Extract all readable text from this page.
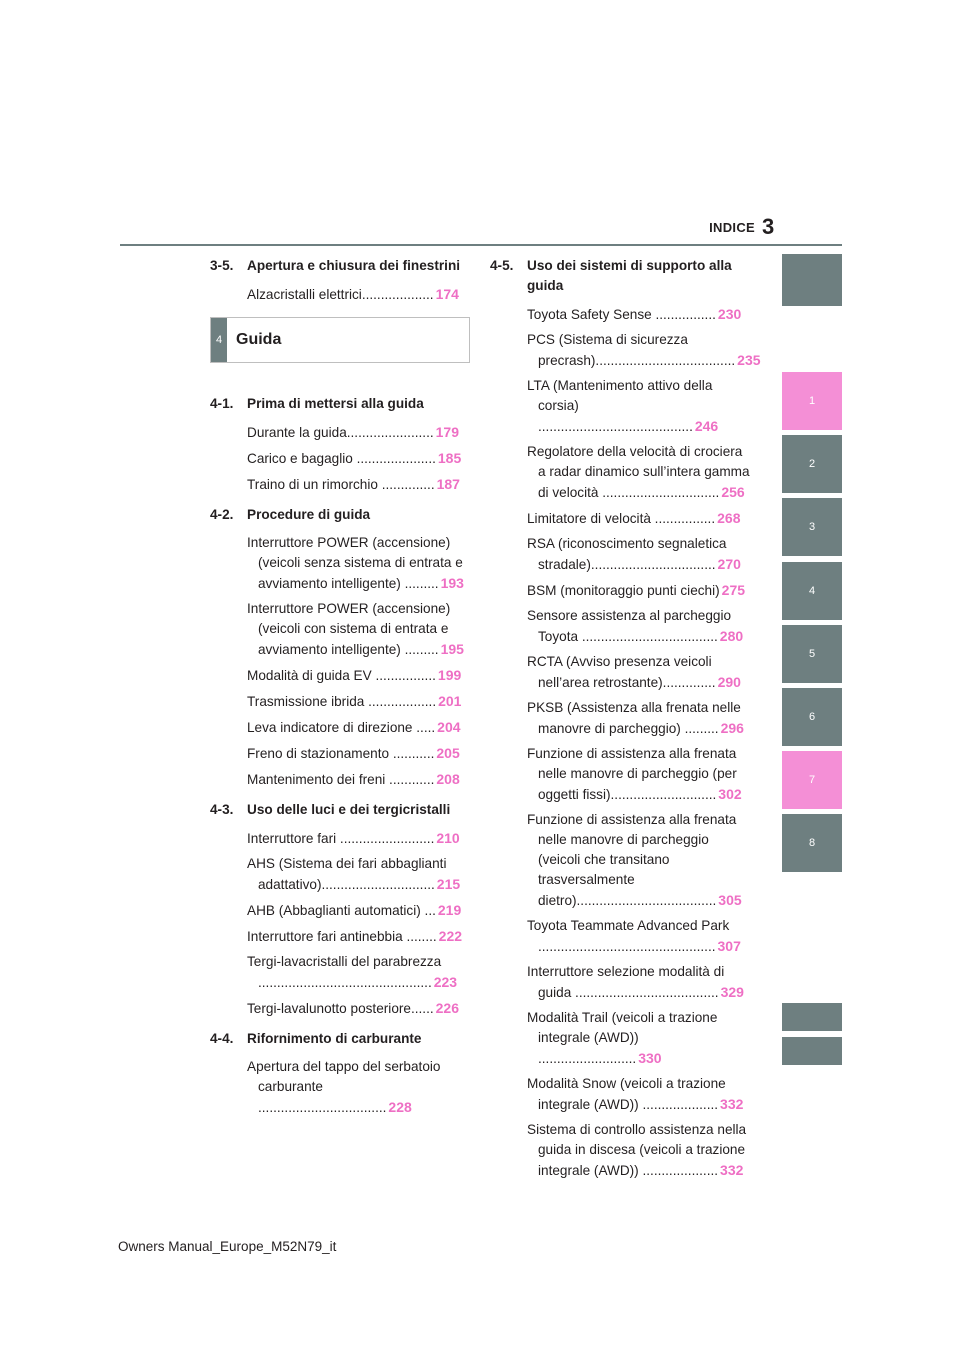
INDICE 3
3-5. Apertura e chiusura dei finestrini
Alzacristalli elettrici................... 174
4 Guida
4-1. Prima di mettersi alla guida
Durante la guida....................... 179
Carico e bagaglio ..................... 185
Traino di un rimorchio .............. 187
4-2. Procedure di guida
Interruttore POWER (accensione) (veicoli senza sistema di entrata e avviamento intelligente) ......... 193
Interruttore POWER (accensione) (veicoli con sistema di entrata e avviamento intelligente) ......... 195
Modalità di guida EV ................ 199
Trasmissione ibrida .................. 201
Leva indicatore di direzione ..... 204
Freno di stazionamento ........... 205
Mantenimento dei freni ............ 208
4-3. Uso delle luci e dei tergicristalli
Interruttore fari ......................... 210
AHS (Sistema dei fari abbaglianti adattativo).............................. 215
AHB (Abbaglianti automatici) ... 219
Interruttore fari antinebbia ........ 222
Tergi-lavacristalli del parabrezza .............................................. 223
Tergi-lavalunotto posteriore...... 226
4-4. Rifornimento di carburante
Apertura del tappo del serbatoio carburante .................................. 228
4-5. Uso dei sistemi di supporto alla guida
Toyota Safety Sense ................ 230
PCS (Sistema di sicurezza precrash)..................................... 235
LTA (Mantenimento attivo della corsia) ......................................... 246
Regolatore della velocità di crociera a radar dinamico sull’intera gamma di velocità ............................... 256
Limitatore di velocità ................ 268
RSA (riconoscimento segnaletica stradale)................................. 270
BSM (monitoraggio punti ciechi) 275
Sensore assistenza al parcheggio Toyota .................................... 280
RCTA (Avviso presenza veicoli nell’area retrostante).............. 290
PKSB (Assistenza alla frenata nelle manovre di parcheggio) ......... 296
Funzione di assistenza alla frenata nelle manovre di parcheggio (per oggetti fissi)............................ 302
Funzione di assistenza alla frenata nelle manovre di parcheggio (veicoli che transitano trasversalmente dietro)..................................... 305
Toyota Teammate Advanced Park ............................................... 307
Interruttore selezione modalità di guida ...................................... 329
Modalità Trail (veicoli a trazione integrale (AWD)) .......................... 330
Modalità Snow (veicoli a trazione integrale (AWD)) .................... 332
Sistema di controllo assistenza nella guida in discesa (veicoli a trazione integrale (AWD)) .................... 332
1
2
3
4
5
6
7
8
Owners Manual_Europe_M52N79_it
